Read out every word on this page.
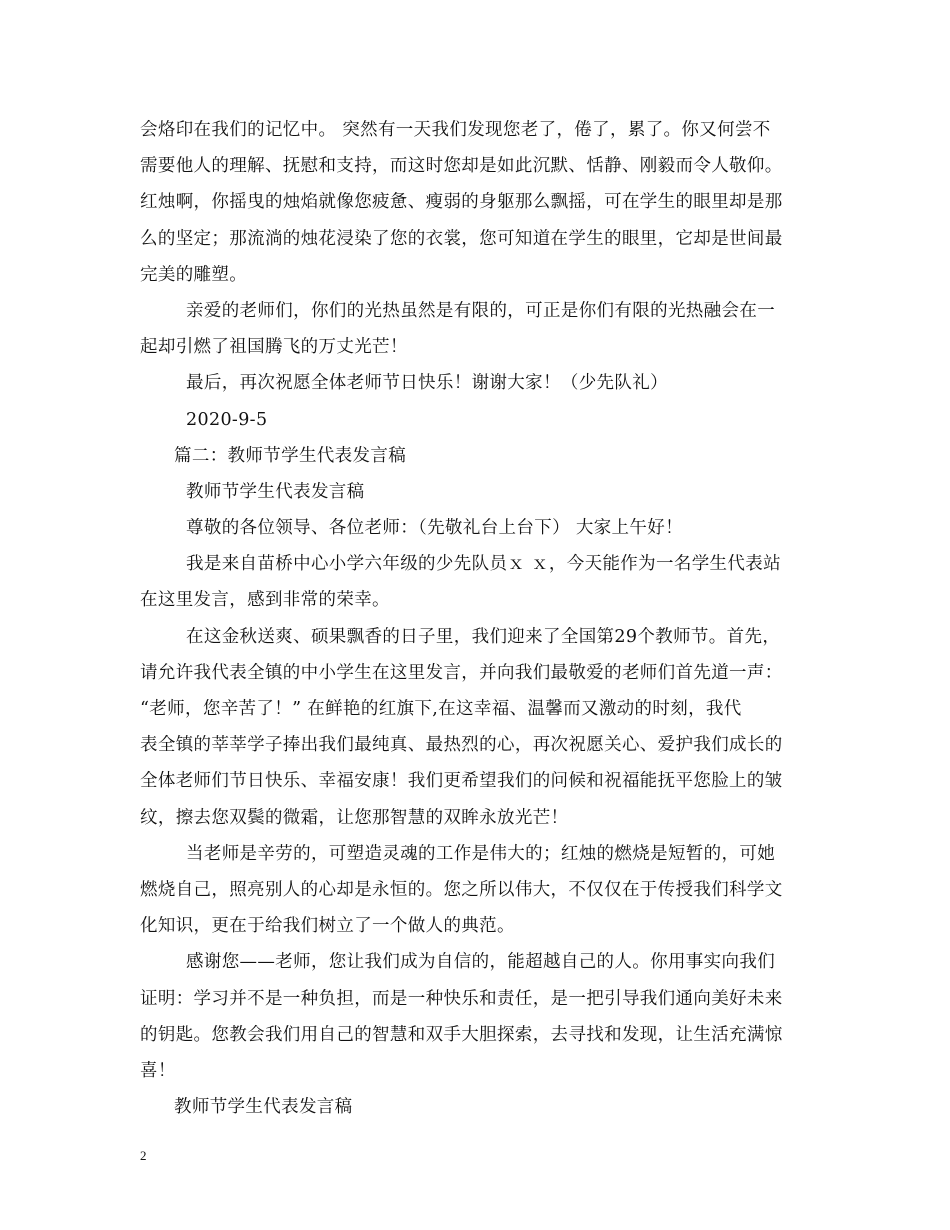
会烙印在我们的记忆中。 突然有一天我们发现您老了，倦了，累了。你又何尝不
需要他人的理解、抚慰和支持，而这时您却是如此沉默、恬静、刚毅而令人敬仰。
红烛啊，你摇曳的烛焰就像您疲惫、瘦弱的身躯那么飘摇，可在学生的眼里却是那
么的坚定；那流淌的烛花浸染了您的衣裳，您可知道在学生的眼里，它却是世间最
完美的雕塑。
亲爱的老师们，你们的光热虽然是有限的，可正是你们有限的光热融会在一
起却引燃了祖国腾飞的万丈光芒！
最后，再次祝愿全体老师节日快乐！谢谢大家！（少先队礼）
2020-9-5
篇二：教师节学生代表发言稿
教师节学生代表发言稿
尊敬的各位领导、各位老师：（先敬礼台上台下） 大家上午好！
我是来自苗桥中心小学六年级的少先队员ｘ ｘ，今天能作为一名学生代表站
在这里发言，感到非常的荣幸。
在这金秋送爽、硕果飘香的日子里，我们迎来了全国第29个教师节。首先，
请允许我代表全镇的中小学生在这里发言，并向我们最敬爱的老师们首先道一声：
“老师，您辛苦了！” 在鲜艳的红旗下,在这幸福、温馨而又激动的时刻，我代
表全镇的莘莘学子捧出我们最纯真、最热烈的心，再次祝愿关心、爱护我们成长的
全体老师们节日快乐、幸福安康！我们更希望我们的问候和祝福能抚平您脸上的皱
纹，擦去您双鬓的微霜，让您那智慧的双眸永放光芒！
当老师是辛劳的，可塑造灵魂的工作是伟大的；红烛的燃烧是短暂的，可她
燃烧自己，照亮别人的心却是永恒的。您之所以伟大，不仅仅在于传授我们科学文
化知识，更在于给我们树立了一个做人的典范。
感谢您——老师，您让我们成为自信的，能超越自己的人。你用事实向我们
证明：学习并不是一种负担，而是一种快乐和责任，是一把引导我们通向美好未来
的钥匙。您教会我们用自己的智慧和双手大胆探索，去寻找和发现，让生活充满惊
喜！
教师节学生代表发言稿
2
